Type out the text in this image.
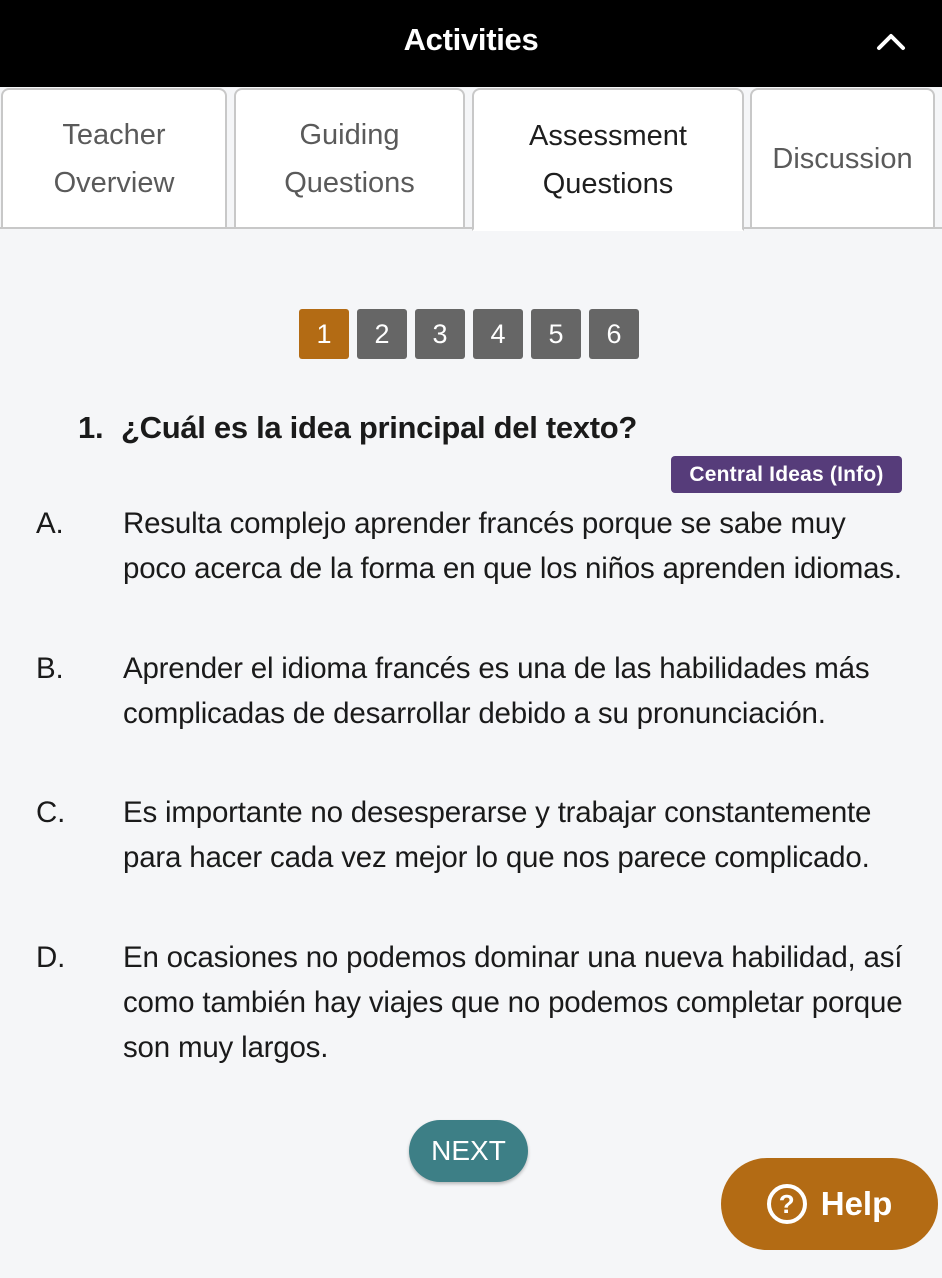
Activities
Teacher
Overview
Guiding
Questions
Assessment
Questions
Discussion
1	2	3	4	5	6
1. ¿Cuál es la idea principal del texto?
Central Ideas (Info)
A. Resulta complejo aprender francés porque se sabe muy poco acerca de la forma en que los niños aprenden idiomas.
B. Aprender el idioma francés es una de las habilidades más complicadas de desarrollar debido a su pronunciación.
C. Es importante no desesperarse y trabajar constantemente para hacer cada vez mejor lo que nos parece complicado.
D. En ocasiones no podemos dominar una nueva habilidad, así como también hay viajes que no podemos completar porque son muy largos.
NEXT
? Help
